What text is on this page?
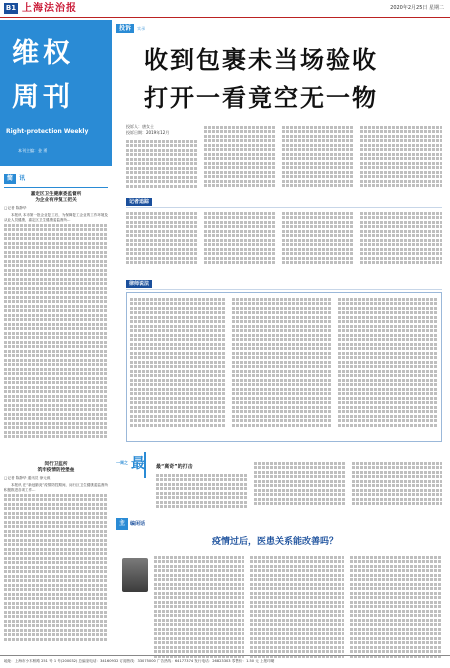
B1 上海法治报	2020年2月25日 星期二
维权
周刊
Right-protection Weekly
本刊主编：金 勇
简 讯
嘉定区卫生健康委监督所
为企业有序复工把关
□记者 陈静华
本报讯 本市第一批企业复工后，为保障复工企业的工作环境及从业人员健康，嘉定区卫生健康委监督所…
闵行卫监所
筑牢疫情防控堡垒
□记者 陈静华 通讯员 徐元威
本报讯 在“新冠肺炎”疫情防控期间，闵行区卫生健康委监督所积极推进各项工作…
投诉 实录
收到包裹未当场验收
打开一看竟空无一物
投诉人：唐女士
投诉日期：2019年12月
记者追踪
律师说法
一周之 最 最“离奇”的打击
主 编闲话
疫情过后，医患关系能改善吗？
地址：上海市小木桥路 251 号 1 号(200032) 总编室电话：34160932 订阅热线：33075000 广告热线：64177374 发行电话：26823303 零售价：1.50 元 上报印刷
